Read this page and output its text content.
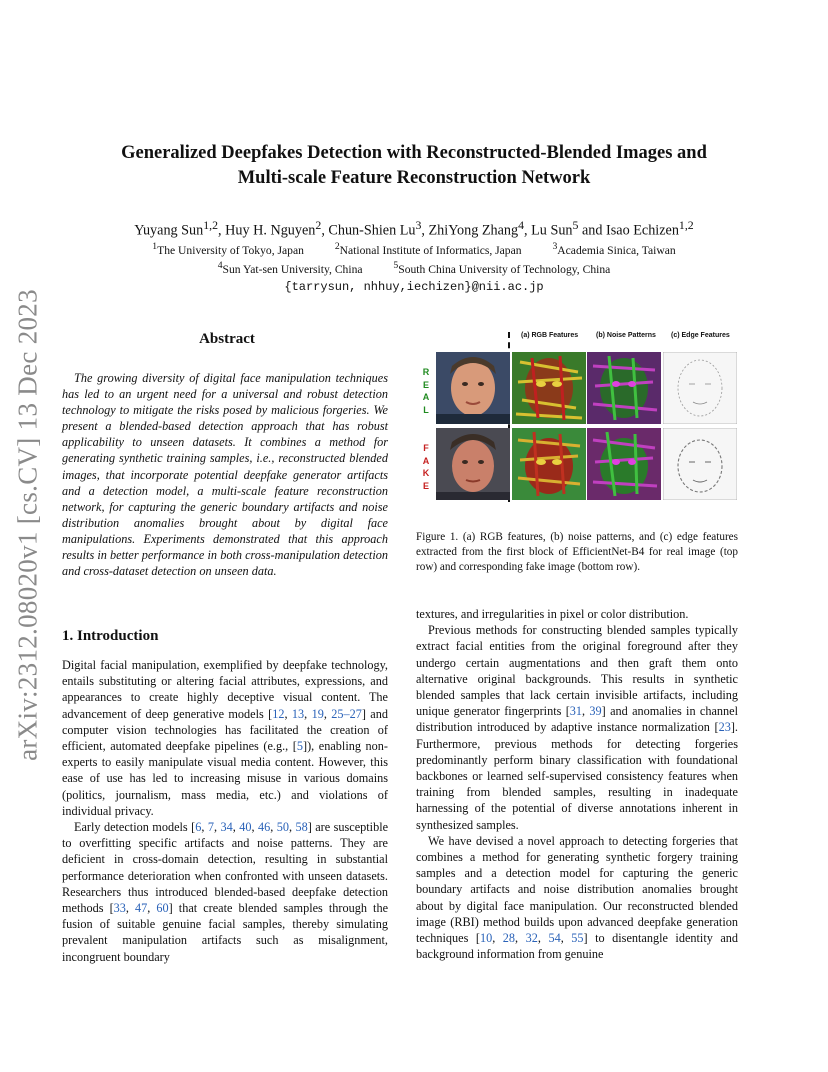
arXiv:2312.08020v1 [cs.CV] 13 Dec 2023
Generalized Deepfakes Detection with Reconstructed-Blended Images and
Multi-scale Feature Reconstruction Network
Yuyang Sun$^{1,2}$, Huy H. Nguyen$^2$, Chun-Shien Lu$^3$, ZhiYong Zhang$^4$, Lu Sun$^5$ and Isao Echizen$^{1,2}$
$^1$The University of Tokyo, Japan	$^2$National Institute of Informatics, Japan	$^3$Academia Sinica, Taiwan
$^4$Sun Yat-sen University, China	$^5$South China University of Technology, China
{tarrysun, nhhuy,iechizen}@nii.ac.jp
Abstract
The growing diversity of digital face manipulation techniques has led to an urgent need for a universal and robust detection technology to mitigate the risks posed by malicious forgeries. We present a blended-based detection approach that has robust applicability to unseen datasets. It combines a method for generating synthetic training samples, i.e., reconstructed blended images, that incorporate potential deepfake generator artifacts and a detection model, a multi-scale feature reconstruction network, for capturing the generic boundary artifacts and noise distribution anomalies brought about by digital face manipulations. Experiments demonstrated that this approach results in better performance in both cross-manipulation detection and cross-dataset detection on unseen data.
(a) RGB Features	(b) Noise Patterns (c) Edge Features
R
E
A
L
F
A
K
E
Figure 1. (a) RGB features, (b) noise patterns, and (c) edge features extracted from the first block of EfficientNet-B4 for real image (top row) and corresponding fake image (bottom row).
1. Introduction

Digital facial manipulation, exemplified by deepfake technology, entails substituting or altering facial attributes, expressions, and appearances to create highly deceptive visual content. The advancement of deep generative models [12, 13, 19, 25–27] and computer vision technologies has facilitated the creation of efficient, automated deepfake pipelines (e.g., [5]), enabling non-experts to easily manipulate visual media content. However, this ease of use has led to increasing misuse in various domains (politics, journalism, mass media, etc.) and violations of individual privacy.

Early detection models [6, 7, 34, 40, 46, 50, 58] are susceptible to overfitting specific artifacts and noise patterns. They are deficient in cross-domain detection, resulting in substantial performance deterioration when confronted with unseen datasets. Researchers thus introduced blended-based deepfake detection methods [33, 47, 60] that create blended samples through the fusion of suitable genuine facial samples, thereby simulating prevalent manipulation artifacts such as misalignment, incongruent boundary

textures, and irregularities in pixel or color distribution.

Previous methods for constructing blended samples typically extract facial entities from the original foreground after they undergo certain augmentations and then graft them onto alternative original backgrounds. This results in synthetic blended samples that lack certain invisible artifacts, including unique generator fingerprints [31, 39] and anomalies in channel distribution introduced by adaptive instance normalization [23]. Furthermore, previous methods for detecting forgeries predominantly perform binary classification with foundational backbones or learned self-supervised consistency features when training from blended samples, resulting in inadequate harnessing of the potential of diverse annotations inherent in synthesized samples.

We have devised a novel approach to detecting forgeries that combines a method for generating synthetic forgery training samples and a detection model for capturing the generic boundary artifacts and noise distribution anomalies brought about by digital face manipulation. Our reconstructed blended image (RBI) method builds upon advanced deepfake generation techniques [10, 28, 32, 54, 55] to disentangle identity and background information from genuine
